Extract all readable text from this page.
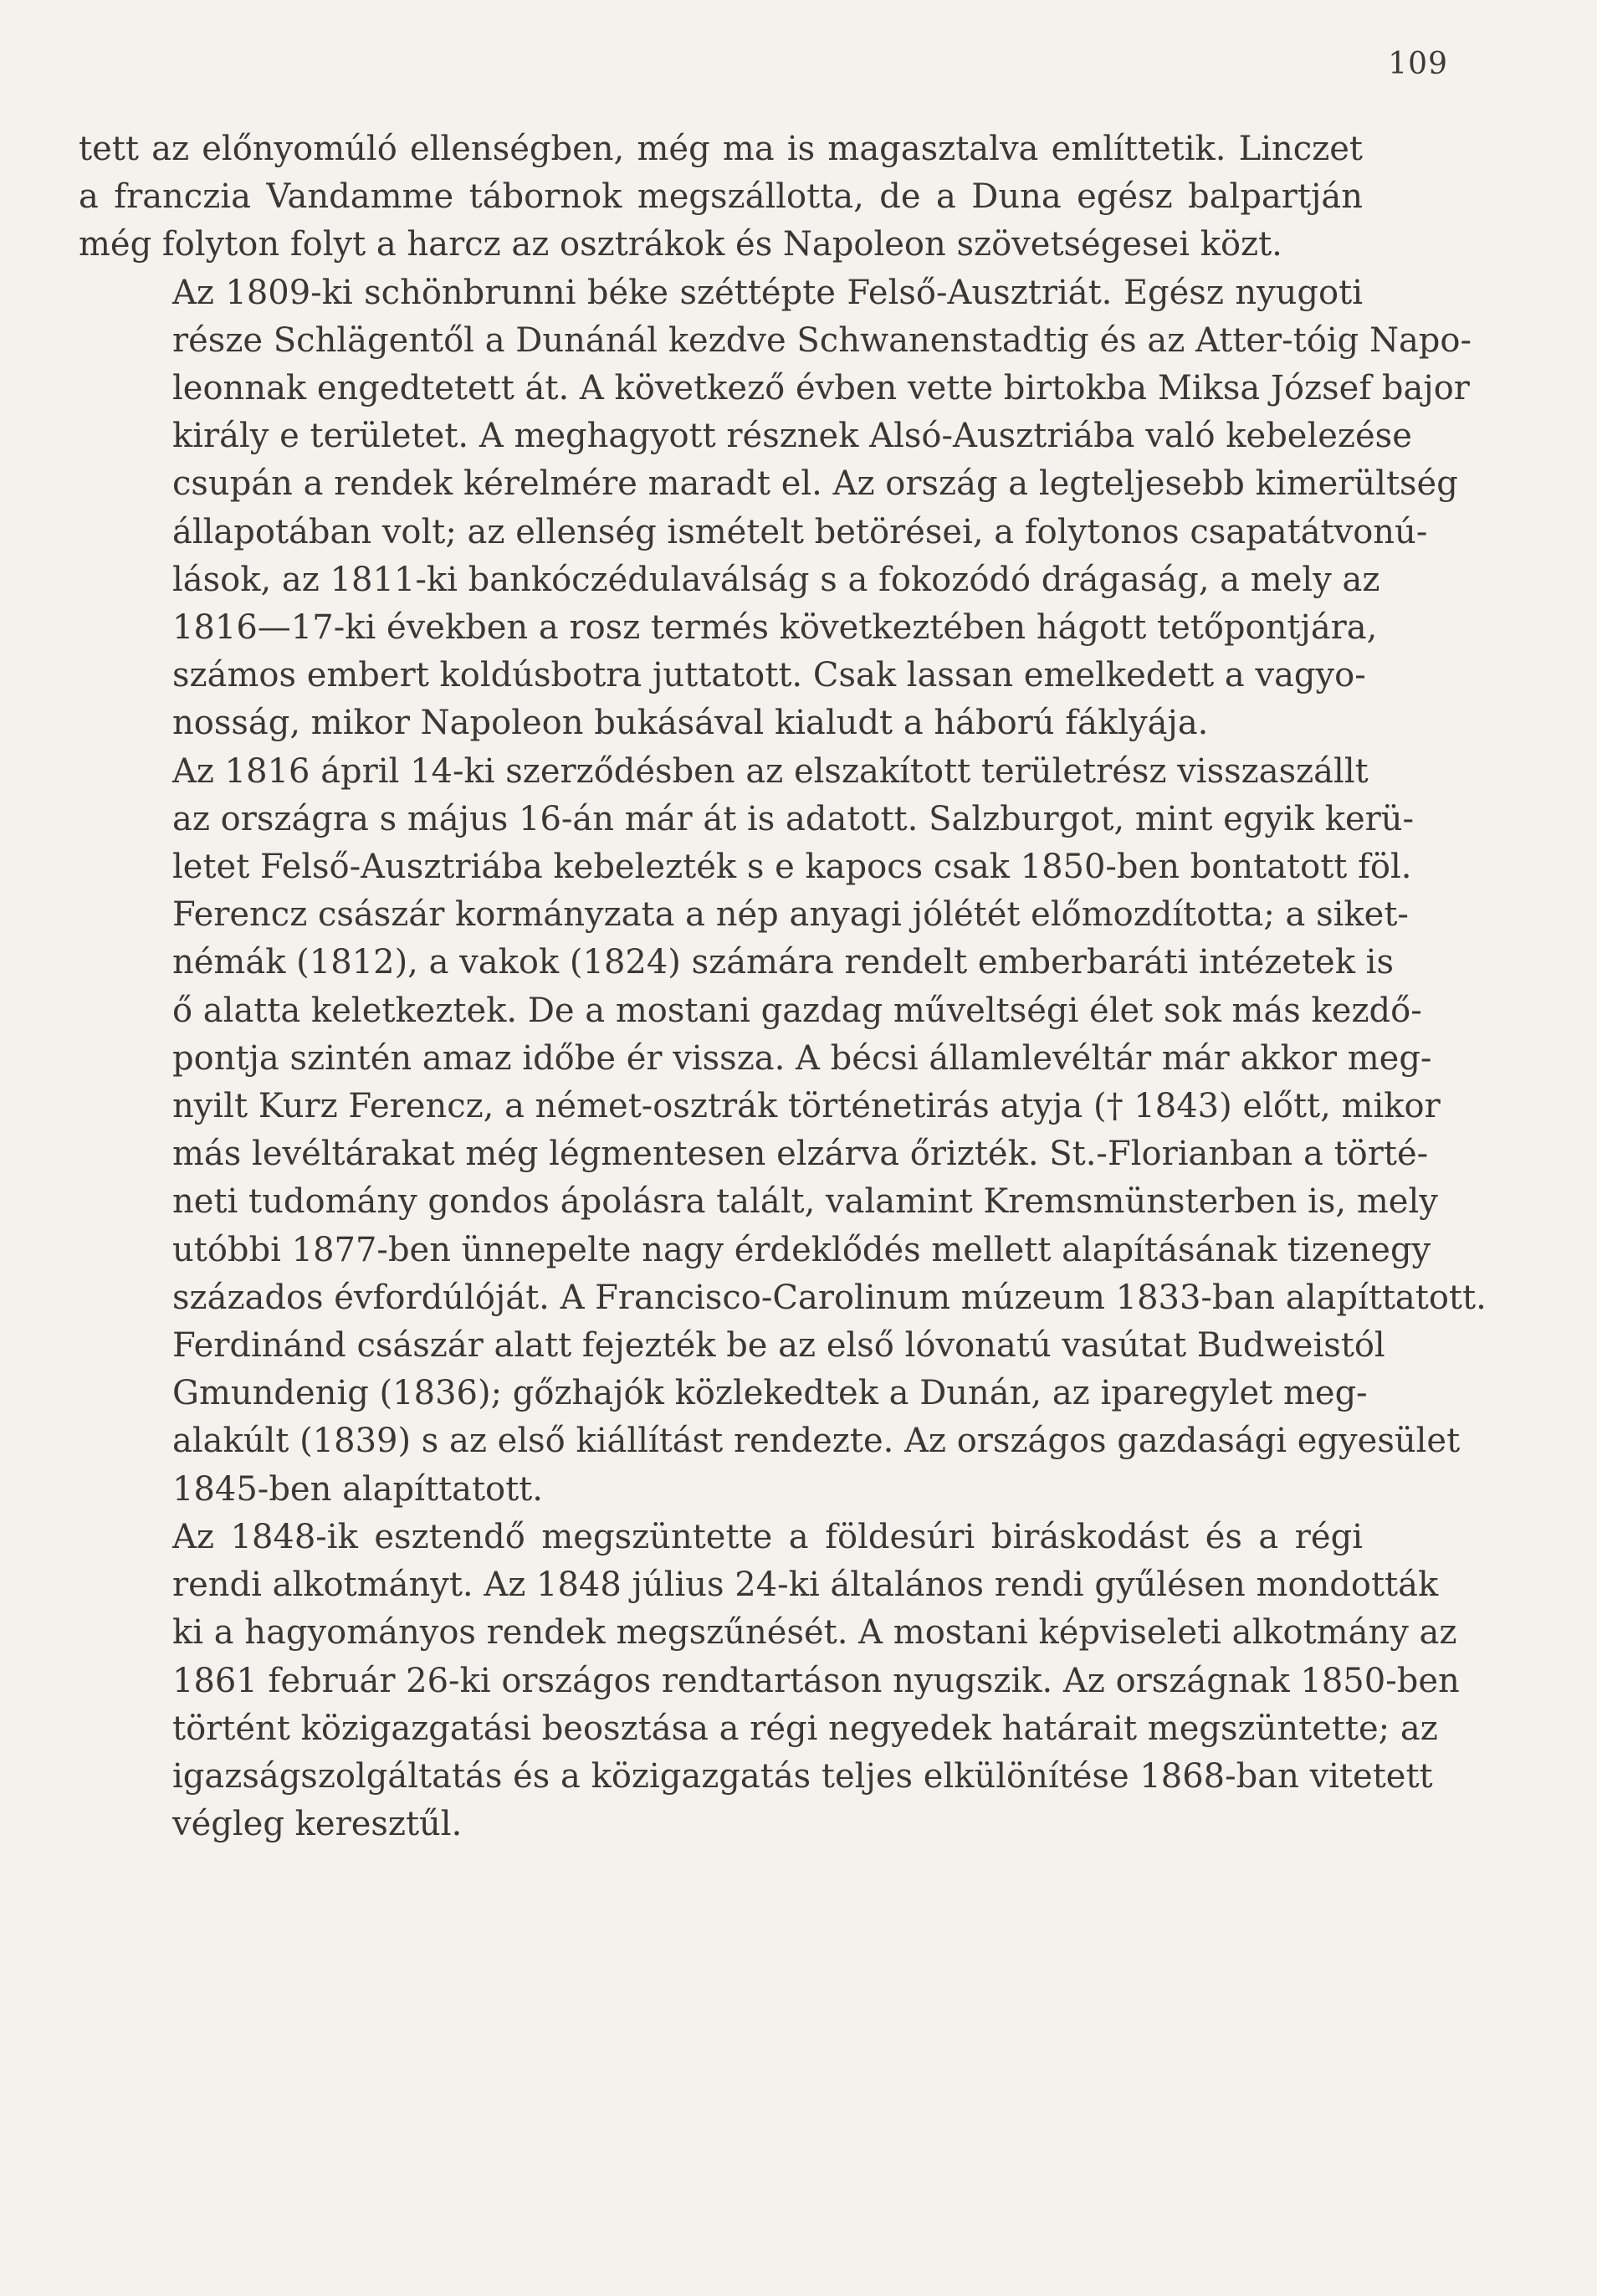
109

tett az előnyomúló ellenségben, még ma is magasztalva említtetik. Linczet
a franczia Vandamme tábornok megszállotta, de a Duna egész balpartján
még folyton folyt a harcz az osztrákok és Napoleon szövetségesei közt.

Az 1809-ki schönbrunni béke széttépte Felső-Ausztriát. Egész nyugoti
része Schlägentől a Dunánál kezdve Schwanenstadtig és az Atter-tóig Napo-
leonnak engedtetett át. A következő évben vette birtokba Miksa József bajor
király e területet. A meghagyott résznek Alsó-Ausztriába való kebelezése
csupán a rendek kérelmére maradt el. Az ország a legteljesebb kimerültség
állapotában volt; az ellenség ismételt betörései, a folytonos csapatátvonú-
lások, az 1811-ki bankóczédulaválság s a fokozódó drágaság, a mely az
1816—17-ki években a rosz termés következtében hágott tetőpontjára,
számos embert koldúsbotra juttatott. Csak lassan emelkedett a vagyo-
nosság, mikor Napoleon bukásával kialudt a háború fáklyája.

Az 1816 ápril 14-ki szerződésben az elszakított területrész visszaszállt
az országra s május 16-án már át is adatott. Salzburgot, mint egyik kerü-
letet Felső-Ausztriába kebelezték s e kapocs csak 1850-ben bontatott föl.
Ferencz császár kormányzata a nép anyagi jólétét előmozdította; a siket-
némák (1812), a vakok (1824) számára rendelt emberbaráti intézetek is
ő alatta keletkeztek. De a mostani gazdag műveltségi élet sok más kezdő-
pontja szintén amaz időbe ér vissza. A bécsi államlevéltár már akkor meg-
nyilt Kurz Ferencz, a német-osztrák történetirás atyja († 1843) előtt, mikor
más levéltárakat még légmentesen elzárva őrizték. St.-Florianban a törté-
neti tudomány gondos ápolásra talált, valamint Kremsmünsterben is, mely
utóbbi 1877-ben ünnepelte nagy érdeklődés mellett alapításának tizenegy
százados évfordúlóját. A Francisco-Carolinum múzeum 1833-ban alapíttatott.

Ferdinánd császár alatt fejezték be az első lóvonatú vasútat Budweistól
Gmundenig (1836); gőzhajók közlekedtek a Dunán, az iparegylet meg-
alakúlt (1839) s az első kiállítást rendezte. Az országos gazdasági egyesület
1845-ben alapíttatott.

Az 1848-ik esztendő megszüntette a földesúri biráskodást és a régi
rendi alkotmányt. Az 1848 július 24-ki általános rendi gyűlésen mondották
ki a hagyományos rendek megszűnését. A mostani képviseleti alkotmány az
1861 február 26-ki országos rendtartáson nyugszik. Az országnak 1850-ben
történt közigazgatási beosztása a régi negyedek határait megszüntette; az
igazságszolgáltatás és a közigazgatás teljes elkülönítése 1868-ban vitetett
végleg keresztűl.
